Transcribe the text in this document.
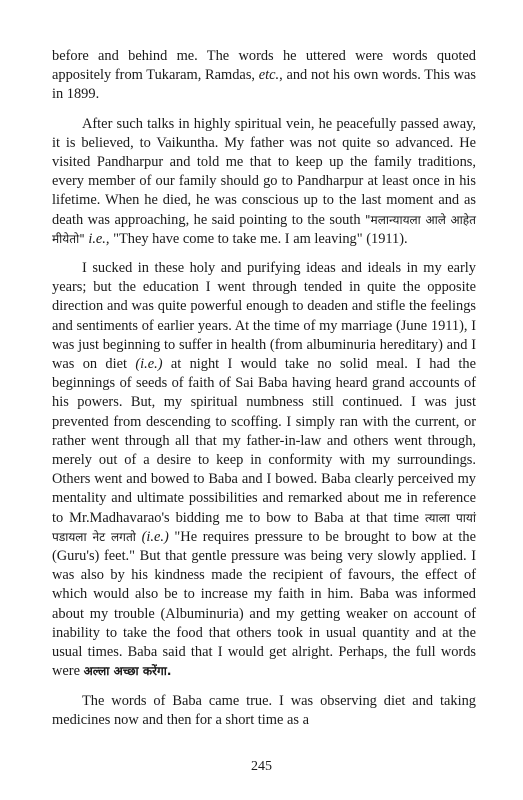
before and behind me. The words he uttered were words quoted appositely from Tukaram, Ramdas, etc., and not his own words. This was in 1899.

After such talks in highly spiritual vein, he peacefully passed away, it is believed, to Vaikuntha. My father was not quite so advanced. He visited Pandharpur and told me that to keep up the family traditions, every member of our family should go to Pandharpur at least once in his lifetime. When he died, he was conscious up to the last moment and as death was approaching, he said pointing to the south "मलान्यायला आले आहेत मीयेतो" i.e., "They have come to take me. I am leaving" (1911).

I sucked in these holy and purifying ideas and ideals in my early years; but the education I went through tended in quite the opposite direction and was quite powerful enough to deaden and stifle the feelings and sentiments of earlier years. At the time of my marriage (June 1911), I was just beginning to suffer in health (from albuminuria hereditary) and I was on diet (i.e.) at night I would take no solid meal. I had the beginnings of seeds of faith of Sai Baba having heard grand accounts of his powers. But, my spiritual numbness still continued. I was just prevented from descending to scoffing. I simply ran with the current, or rather went through all that my father-in-law and others went through, merely out of a desire to keep in conformity with my surroundings. Others went and bowed to Baba and I bowed. Baba clearly perceived my mentality and ultimate possibilities and remarked about me in reference to Mr.Madhavarao's bidding me to bow to Baba at that time त्याला पायां पडायला नेट लगतो (i.e.) "He requires pressure to be brought to bow at the (Guru's) feet." But that gentle pressure was being very slowly applied. I was also by his kindness made the recipient of favours, the effect of which would also be to increase my faith in him. Baba was informed about my trouble (Albuminuria) and my getting weaker on account of inability to take the food that others took in usual quantity and at the usual times. Baba said that I would get alright. Perhaps, the full words were अल्ला अच्छा करेंगा.

The words of Baba came true. I was observing diet and taking medicines now and then for a short time as a

245
